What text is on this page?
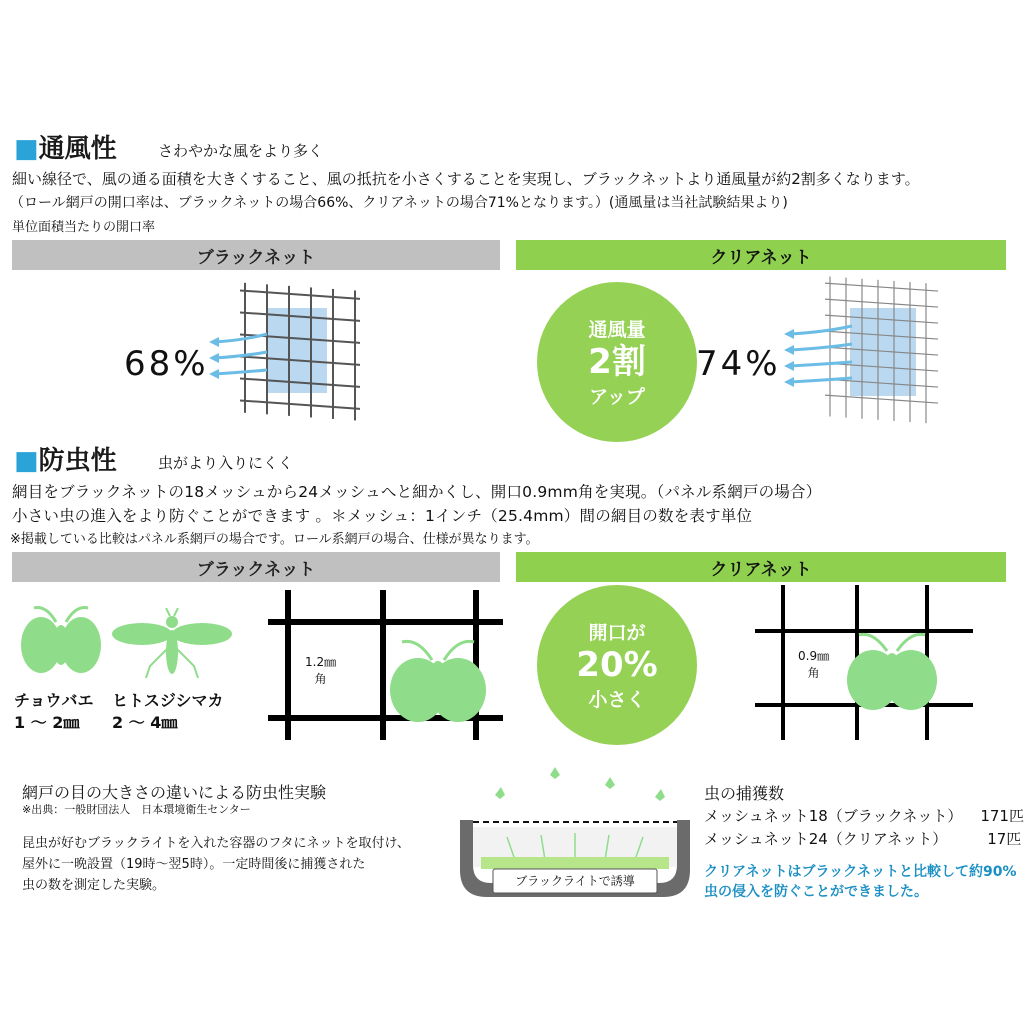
■通風性	さわやかな風をより多く
細い線径で、風の通る面積を大きくすること、風の抵抗を小さくすることを実現し、ブラックネットより通風量が約2割多くなります。
（ロール網戸の開口率は、ブラックネットの場合66%、クリアネットの場合71%となります。）(通風量は当社試験結果より)
単位面積当たりの開口率
ブラックネット	クリアネット
68%
通風量
2割
アップ
74%
■防虫性	虫がより入りにくく
網目をブラックネットの18メッシュから24メッシュへと細かくし、開口0.9mm角を実現。（パネル系網戸の場合）
小さい虫の進入をより防ぐことができます 。＊メッシュ：1インチ（25.4mm）間の網目の数を表す単位
※掲載している比較はパネル系網戸の場合です。ロール系網戸の場合、仕様が異なります。
ブラックネット	クリアネット
チョウバエ
1 ～ 2㎜
ヒトスジシマカ
2 ～ 4㎜
1.2㎜
角
開口が
20%
小さく
0.9㎜
角
網戸の目の大きさの違いによる防虫性実験
※出典：一般財団法人　日本環境衛生センター
昆虫が好むブラックライトを入れた容器のフタにネットを取付け、
屋外に一晩設置（19時～翌5時）。一定時間後に捕獲された
虫の数を測定した実験。	ブラックライトで誘導
虫の捕獲数
メッシュネット18（ブラックネット） 171匹
メッシュネット24（クリアネット）	17匹
クリアネットはブラックネットと比較して約90%
虫の侵入を防ぐことができました。
